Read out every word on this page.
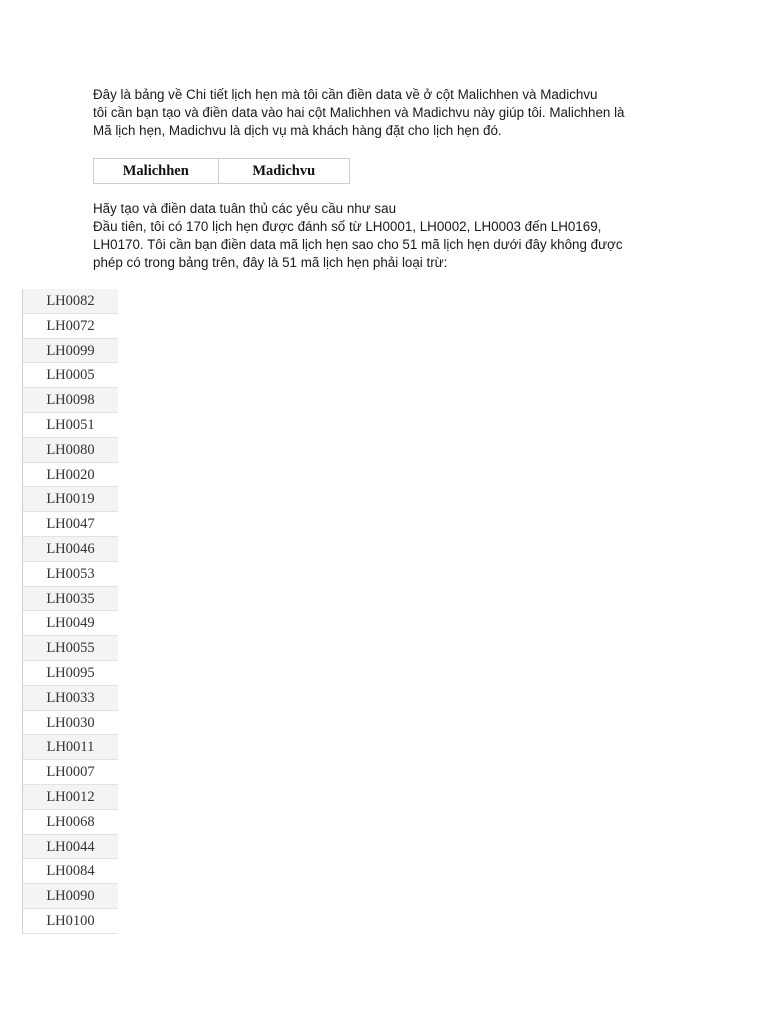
Đây là bảng về Chi tiết lịch hẹn mà tôi cần điền data về ở cột Malichhen và Madichvu
tôi cần bạn tạo và điền data vào hai cột Malichhen và Madichvu này giúp tôi. Malichhen là
Mã lịch hẹn, Madichvu là dịch vụ mà khách hàng đặt cho lịch hẹn đó.

Malichhen	Madichvu

Hãy tạo và điền data tuân thủ các yêu cầu như sau
Đầu tiên, tôi có 170 lịch hẹn được đánh số từ LH0001, LH0002, LH0003 đến LH0169,
LH0170. Tôi cần bạn điền data mã lịch hẹn sao cho 51 mã lịch hẹn dưới đây không được
phép có trong bảng trên, đây là 51 mã lịch hẹn phải loại trừ:

LH0082
LH0072
LH0099
LH0005
LH0098
LH0051
LH0080
LH0020
LH0019
LH0047
LH0046
LH0053
LH0035
LH0049
LH0055
LH0095
LH0033
LH0030
LH0011
LH0007
LH0012
LH0068
LH0044
LH0084
LH0090
LH0100
